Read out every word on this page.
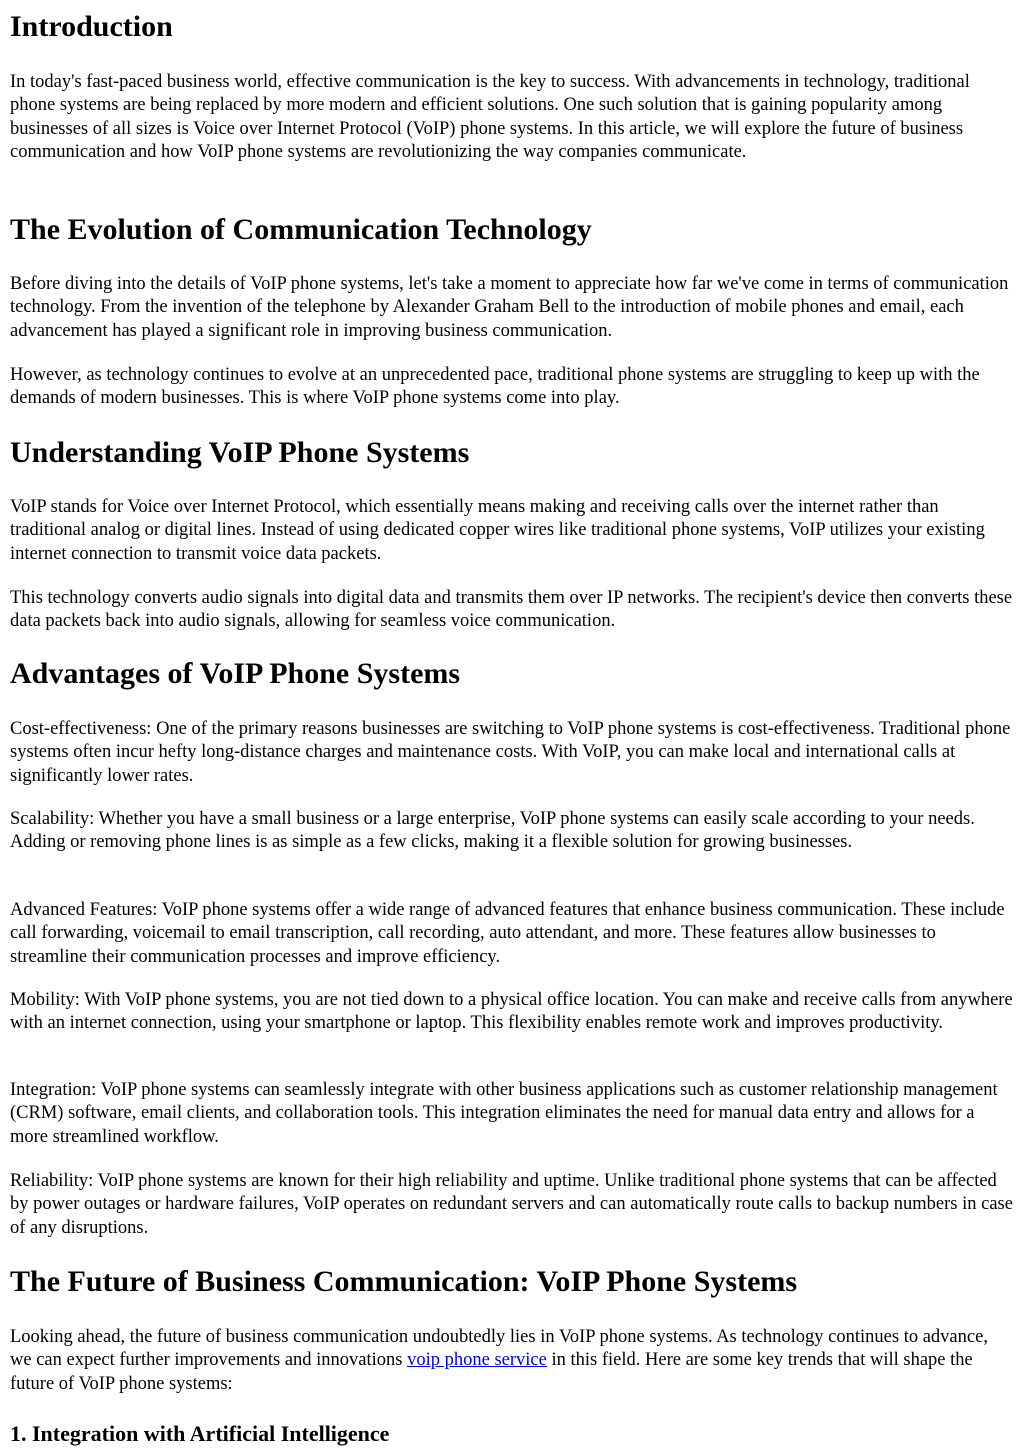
Introduction

In today's fast-paced business world, effective communication is the key to success. With advancements in technology, traditional phone systems are being replaced by more modern and efficient solutions. One such solution that is gaining popularity among businesses of all sizes is Voice over Internet Protocol (VoIP) phone systems. In this article, we will explore the future of business communication and how VoIP phone systems are revolutionizing the way companies communicate.

The Evolution of Communication Technology

Before diving into the details of VoIP phone systems, let's take a moment to appreciate how far we've come in terms of communication technology. From the invention of the telephone by Alexander Graham Bell to the introduction of mobile phones and email, each advancement has played a significant role in improving business communication.

However, as technology continues to evolve at an unprecedented pace, traditional phone systems are struggling to keep up with the demands of modern businesses. This is where VoIP phone systems come into play.

Understanding VoIP Phone Systems

VoIP stands for Voice over Internet Protocol, which essentially means making and receiving calls over the internet rather than traditional analog or digital lines. Instead of using dedicated copper wires like traditional phone systems, VoIP utilizes your existing internet connection to transmit voice data packets.

This technology converts audio signals into digital data and transmits them over IP networks. The recipient's device then converts these data packets back into audio signals, allowing for seamless voice communication.

Advantages of VoIP Phone Systems

Cost-effectiveness: One of the primary reasons businesses are switching to VoIP phone systems is cost-effectiveness. Traditional phone systems often incur hefty long-distance charges and maintenance costs. With VoIP, you can make local and international calls at significantly lower rates.

Scalability: Whether you have a small business or a large enterprise, VoIP phone systems can easily scale according to your needs. Adding or removing phone lines is as simple as a few clicks, making it a flexible solution for growing businesses.

Advanced Features: VoIP phone systems offer a wide range of advanced features that enhance business communication. These include call forwarding, voicemail to email transcription, call recording, auto attendant, and more. These features allow businesses to streamline their communication processes and improve efficiency.

Mobility: With VoIP phone systems, you are not tied down to a physical office location. You can make and receive calls from anywhere with an internet connection, using your smartphone or laptop. This flexibility enables remote work and improves productivity.

Integration: VoIP phone systems can seamlessly integrate with other business applications such as customer relationship management (CRM) software, email clients, and collaboration tools. This integration eliminates the need for manual data entry and allows for a more streamlined workflow.

Reliability: VoIP phone systems are known for their high reliability and uptime. Unlike traditional phone systems that can be affected by power outages or hardware failures, VoIP operates on redundant servers and can automatically route calls to backup numbers in case of any disruptions.

The Future of Business Communication: VoIP Phone Systems

Looking ahead, the future of business communication undoubtedly lies in VoIP phone systems. As technology continues to advance, we can expect further improvements and innovations voip phone service in this field. Here are some key trends that will shape the future of VoIP phone systems:

1. Integration with Artificial Intelligence
